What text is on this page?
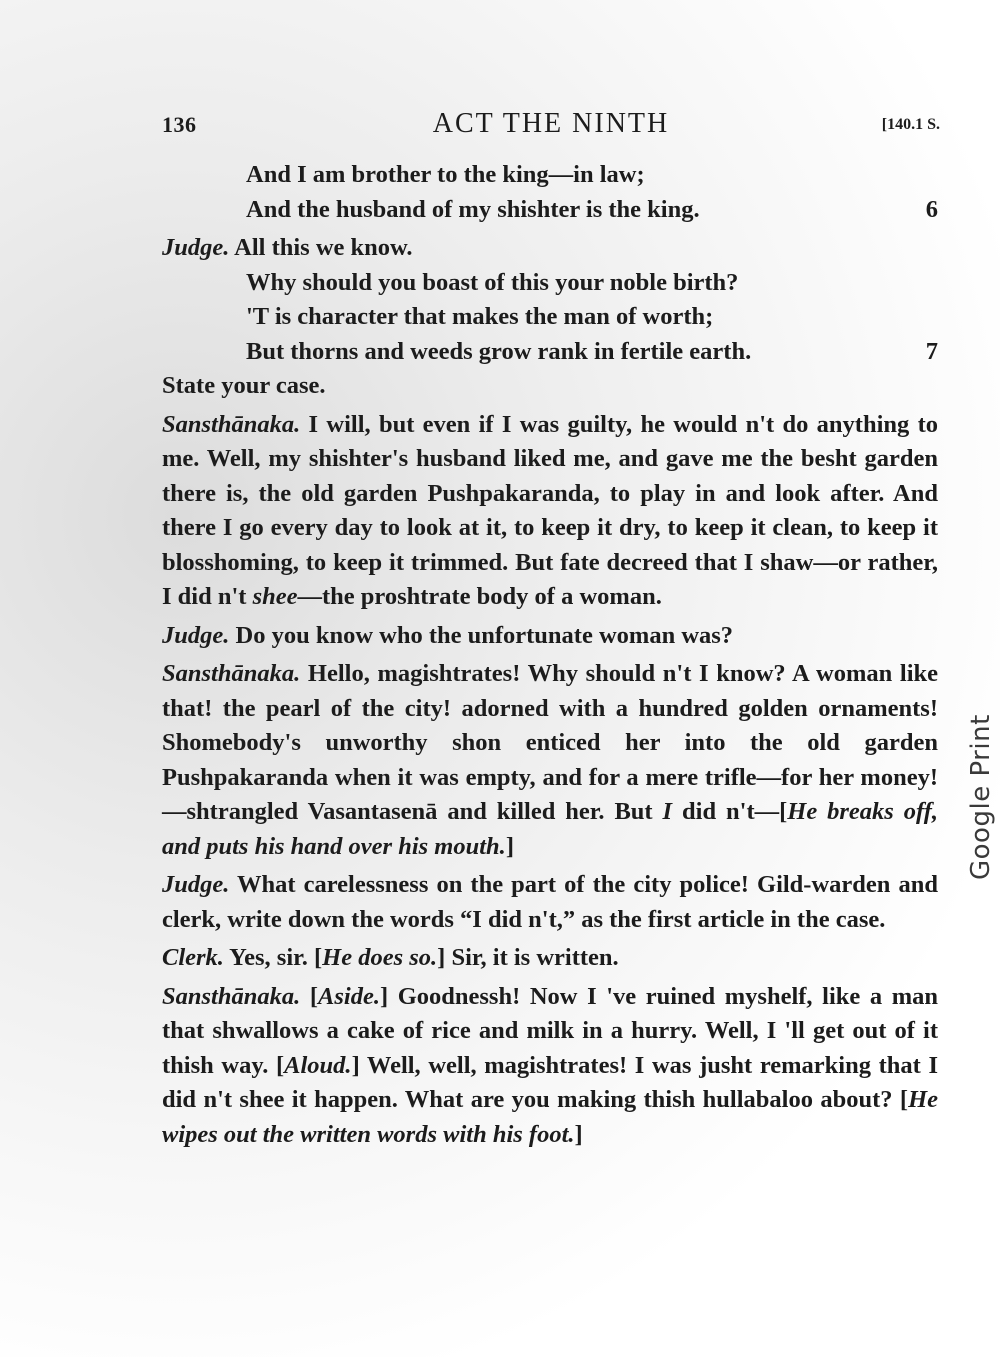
136	ACT THE NINTH	[140.1 S.
And I am brother to the king—in law;
And the husband of my shishter is the king.	6
Judge. All this we know.
Why should you boast of this your noble birth?
'T is character that makes the man of worth;
But thorns and weeds grow rank in fertile earth.	7
State your case.
Sansthānaka. I will, but even if I was guilty, he would n't do anything to me. Well, my shishter's husband liked me, and gave me the besht garden there is, the old garden Pushpakaranda, to play in and look after. And there I go every day to look at it, to keep it dry, to keep it clean, to keep it blosshoming, to keep it trimmed. But fate decreed that I shaw—or rather, I did n't shee—the proshtrate body of a woman.
Judge. Do you know who the unfortunate woman was?
Sansthānaka. Hello, magishtrates! Why should n't I know? A woman like that! the pearl of the city! adorned with a hundred golden ornaments! Shomebody's unworthy shon enticed her into the old garden Pushpakaranda when it was empty, and for a mere trifle—for her money!—shtrangled Vasantasenā and killed her. But I did n't—[He breaks off, and puts his hand over his mouth.]
Judge. What carelessness on the part of the city police! Gild-warden and clerk, write down the words “I did n't,” as the first article in the case.
Clerk. Yes, sir. [He does so.] Sir, it is written.
Sansthānaka. [Aside.] Goodnessh! Now I 've ruined myshelf, like a man that shwallows a cake of rice and milk in a hurry. Well, I 'll get out of it thish way. [Aloud.] Well, well, magishtrates! I was jusht remarking that I did n't shee it happen. What are you making thish hullabaloo about? [He wipes out the written words with his foot.]
Google Print
